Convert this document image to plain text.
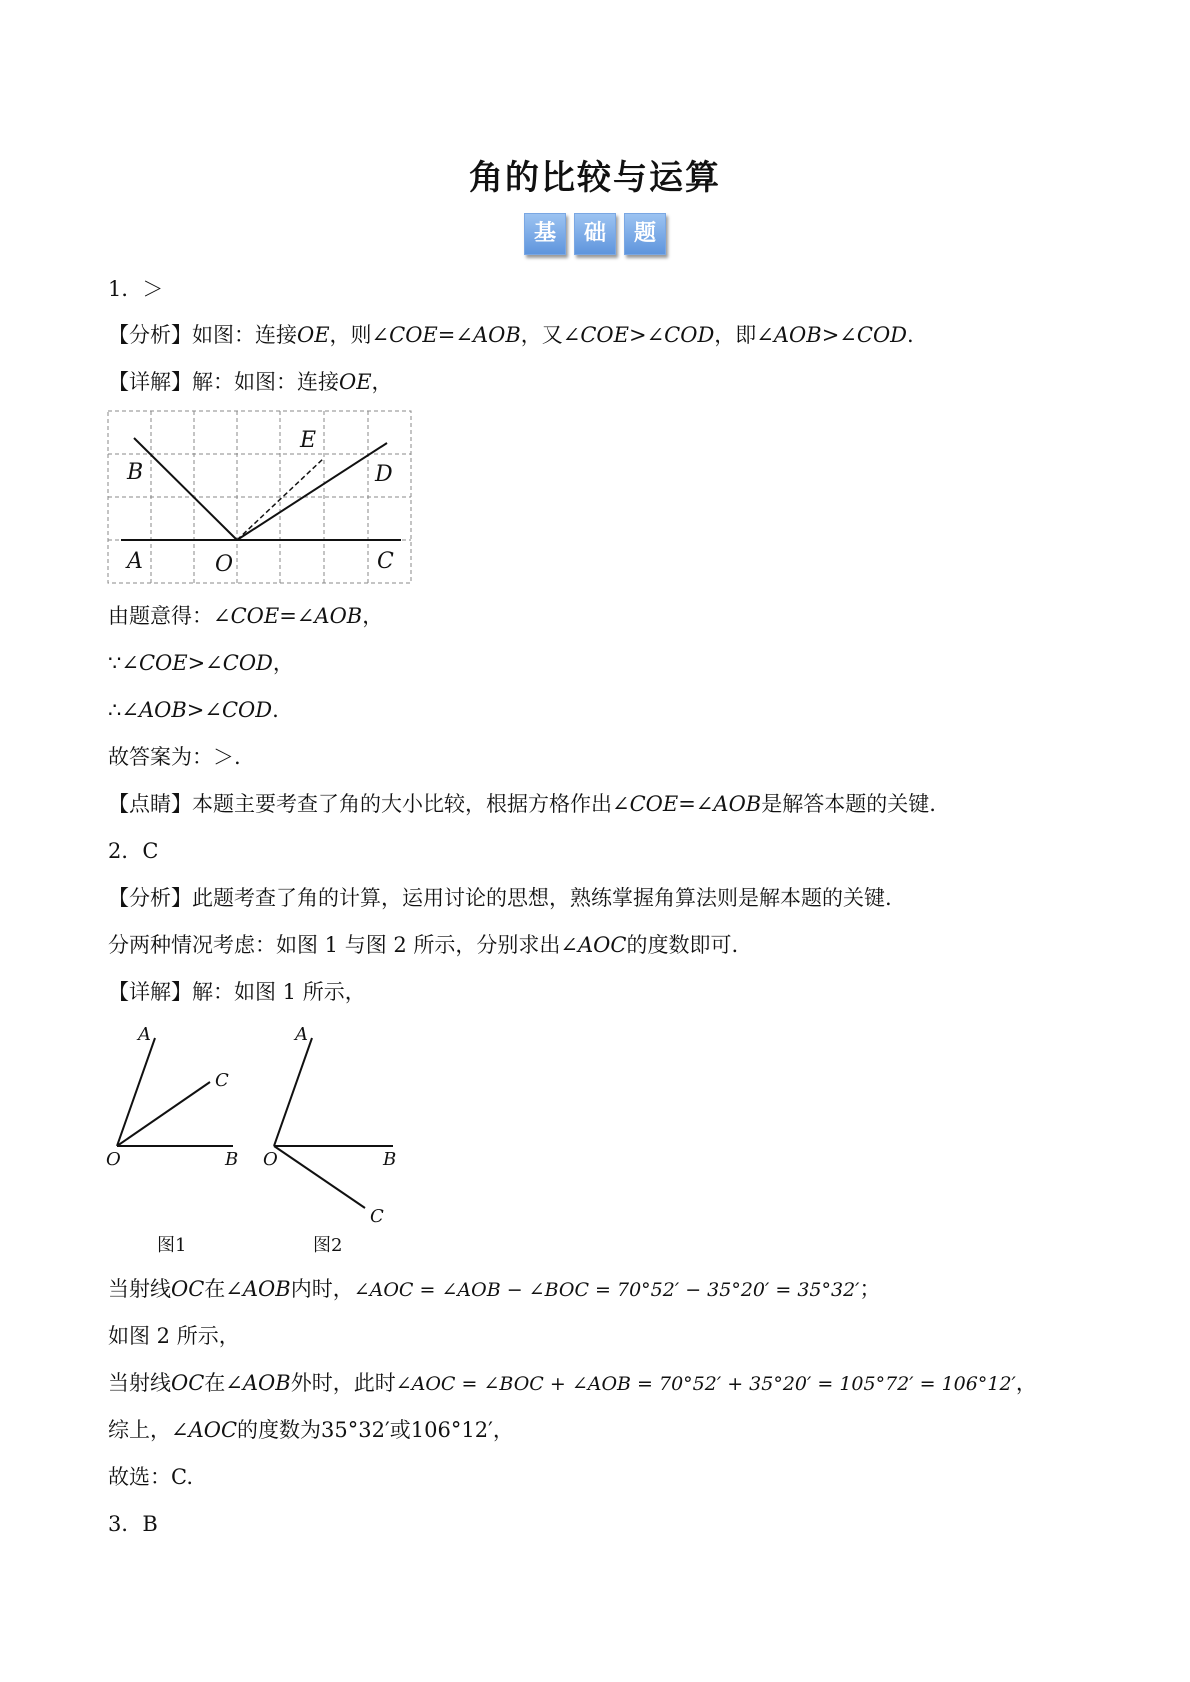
角的比较与运算
基 础 题
1．＞
【分析】如图：连接OE，则∠COE=∠AOB，又∠COE>∠COD，即∠AOB>∠COD.
【详解】解：如图：连接OE，
B
E
D
A	O	C
由题意得：∠COE=∠AOB，
∵∠COE>∠COD，
∴∠AOB>∠COD.
故答案为：＞.
【点睛】本题主要考查了角的大小比较，根据方格作出∠COE=∠AOB是解答本题的关键.
2．C
【分析】此题考查了角的计算，运用讨论的思想，熟练掌握角算法则是解本题的关键.
分两种情况考虑：如图 1 与图 2 所示，分别求出∠AOC的度数即可.
【详解】解：如图 1 所示，
A
C
O	B
图1
A
O	B
C
图2
当射线OC在∠AOB内时，∠AOC = ∠AOB − ∠BOC = 70°52′ − 35°20′ = 35°32′；
如图 2 所示，
当射线OC在∠AOB外时，此时∠AOC = ∠BOC + ∠AOB = 70°52′ + 35°20′ = 105°72′ = 106°12′，
综上，∠AOC的度数为35°32′或106°12′，
故选：C.
3．B
